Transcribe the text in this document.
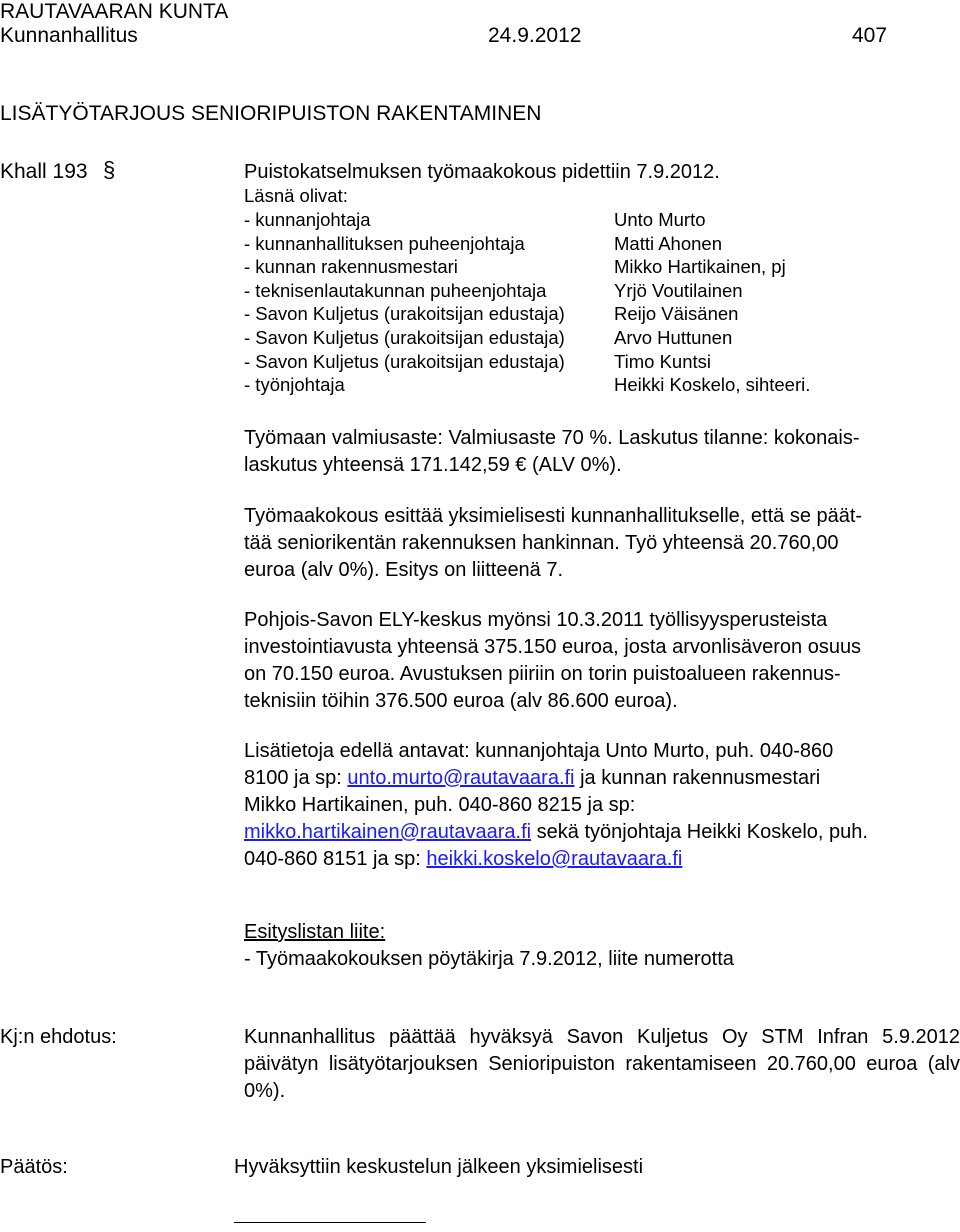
RAUTAVAARAN KUNTA
Kunnanhallitus	24.9.2012	407
LISÄTYÖTARJOUS SENIORIPUISTON RAKENTAMINEN
Khall 193 §	Puistokatselmuksen työmaakokous pidettiin 7.9.2012.
Läsnä olivat:
- kunnanjohtaja	Unto Murto
- kunnanhallituksen puheenjohtaja	Matti Ahonen
- kunnan rakennusmestari	Mikko Hartikainen, pj
- teknisenlautakunnan puheenjohtaja	Yrjö Voutilainen
- Savon Kuljetus (urakoitsijan edustaja)	Reijo Väisänen
- Savon Kuljetus (urakoitsijan edustaja)	Arvo Huttunen
- Savon Kuljetus (urakoitsijan edustaja)	Timo Kuntsi
- työnjohtaja	Heikki Koskelo, sihteeri.
Työmaan valmiusaste: Valmiusaste 70 %. Laskutus tilanne: kokonais-
laskutus yhteensä 171.142,59 € (ALV 0%).
Työmaakokous esittää yksimielisesti kunnanhallitukselle, että se päät-
tää seniorikentän rakennuksen hankinnan. Työ yhteensä 20.760,00
euroa (alv 0%). Esitys on liitteenä 7.
Pohjois-Savon ELY-keskus myönsi 10.3.2011 työllisyysperusteista
investointiavusta yhteensä 375.150 euroa, josta arvonlisäveron osuus
on 70.150 euroa. Avustuksen piiriin on torin puistoalueen rakennus-
teknisiin töihin 376.500 euroa (alv 86.600 euroa).
Lisätietoja edellä antavat: kunnanjohtaja Unto Murto, puh. 040-860
8100 ja sp: unto.murto@rautavaara.fi ja kunnan rakennusmestari
Mikko Hartikainen, puh. 040-860 8215 ja sp:
mikko.hartikainen@rautavaara.fi sekä työnjohtaja Heikki Koskelo, puh.
040-860 8151 ja sp: heikki.koskelo@rautavaara.fi
Esityslistan liite:
- Työmaakokouksen pöytäkirja 7.9.2012, liite numerotta
Kj:n ehdotus:	Kunnanhallitus päättää hyväksyä Savon Kuljetus Oy STM Infran 5.9.2012 päivätyn lisätyötarjouksen Senioripuiston rakentamiseen 20.760,00 euroa (alv 0%).
Päätös:	Hyväksyttiin keskustelun jälkeen yksimielisesti
